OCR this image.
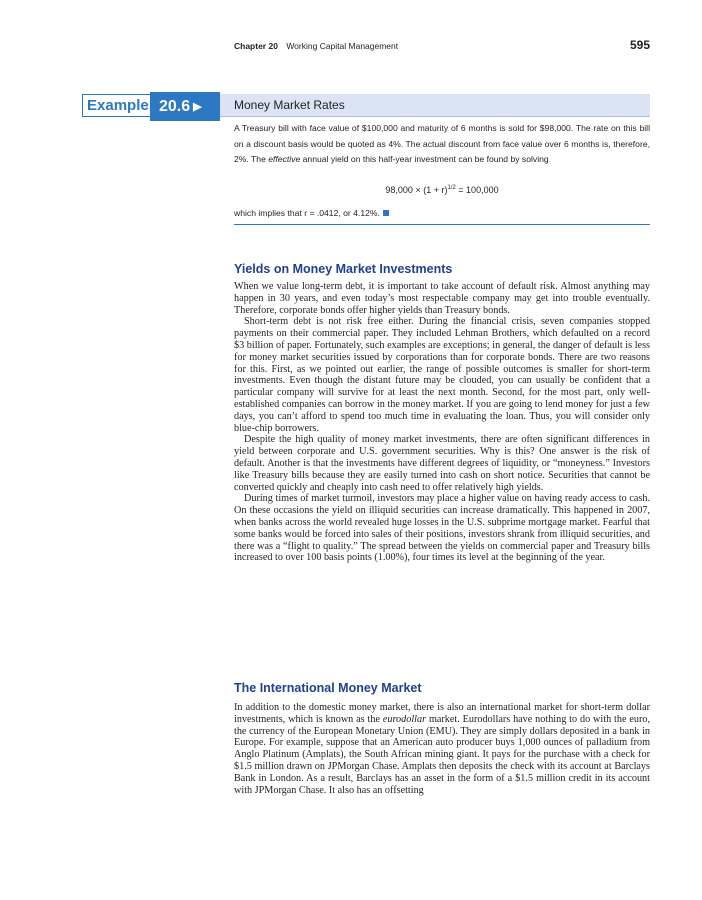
Chapter 20 Working Capital Management	595
Example 20.6 ▶	Money Market Rates

A Treasury bill with face value of $100,000 and maturity of 6 months is sold for $98,000. The rate on this bill on a discount basis would be quoted as 4%. The actual discount from face value over 6 months is, therefore, 2%. The effective annual yield on this half-year investment can be found by solving

$98,000 \times (1 + r)^{1/2} = 100,000$
which implies that r = .0412, or 4.12%.
Yields on Money Market Investments

When we value long-term debt, it is important to take account of default risk. Almost anything may happen in 30 years, and even today’s most respectable company may get into trouble eventually. Therefore, corporate bonds offer higher yields than Treasury bonds.

Short-term debt is not risk free either. During the financial crisis, seven companies stopped payments on their commercial paper. They included Lehman Brothers, which defaulted on a record $3 billion of paper. Fortunately, such examples are exceptions; in general, the danger of default is less for money market securities issued by corporations than for corporate bonds. There are two reasons for this. First, as we pointed out earlier, the range of possible outcomes is smaller for short-term investments. Even though the distant future may be clouded, you can usually be confident that a particular company will survive for at least the next month. Second, for the most part, only well-established companies can borrow in the money market. If you are going to lend money for just a few days, you can’t afford to spend too much time in evaluating the loan. Thus, you will consider only blue-chip borrowers.

Despite the high quality of money market investments, there are often significant differences in yield between corporate and U.S. government securities. Why is this? One answer is the risk of default. Another is that the investments have different degrees of liquidity, or “moneyness.” Investors like Treasury bills because they are easily turned into cash on short notice. Securities that cannot be converted quickly and cheaply into cash need to offer relatively high yields.

During times of market turmoil, investors may place a higher value on having ready access to cash. On these occasions the yield on illiquid securities can increase dramatically. This happened in 2007, when banks across the world revealed huge losses in the U.S. subprime mortgage market. Fearful that some banks would be forced into sales of their positions, investors shrank from illiquid securities, and there was a “flight to quality.” The spread between the yields on commercial paper and Treasury bills increased to over 100 basis points (1.00%), four times its level at the beginning of the year.

The International Money Market

In addition to the domestic money market, there is also an international market for short-term dollar investments, which is known as the eurodollar market. Eurodollars have nothing to do with the euro, the currency of the European Monetary Union (EMU). They are simply dollars deposited in a bank in Europe. For example, suppose that an American auto producer buys 1,000 ounces of palladium from Anglo Platinum (Amplats), the South African mining giant. It pays for the purchase with a check for $1.5 million drawn on JPMorgan Chase. Amplats then deposits the check with its account at Barclays Bank in London. As a result, Barclays has an asset in the form of a $1.5 million credit in its account with JPMorgan Chase. It also has an offsetting
